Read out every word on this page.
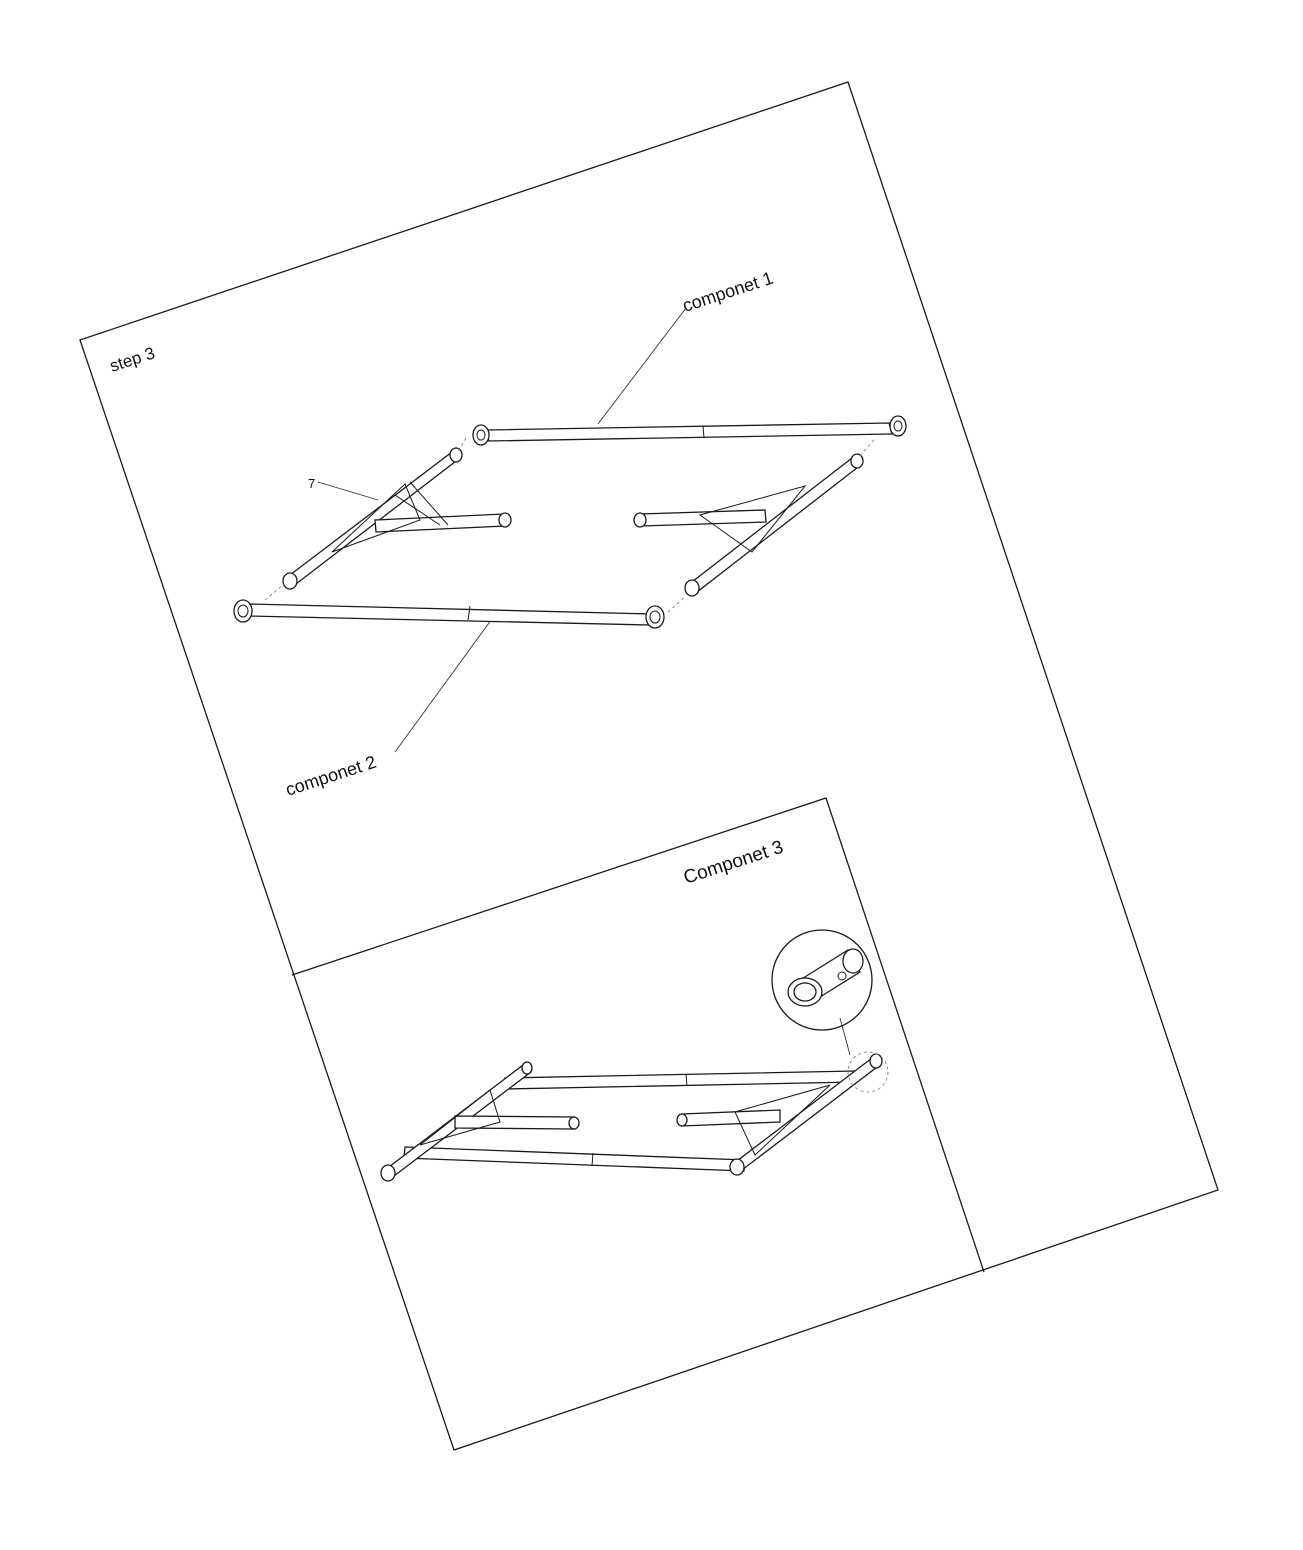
step 3
componet 1
componet 2
Componet 3
7
